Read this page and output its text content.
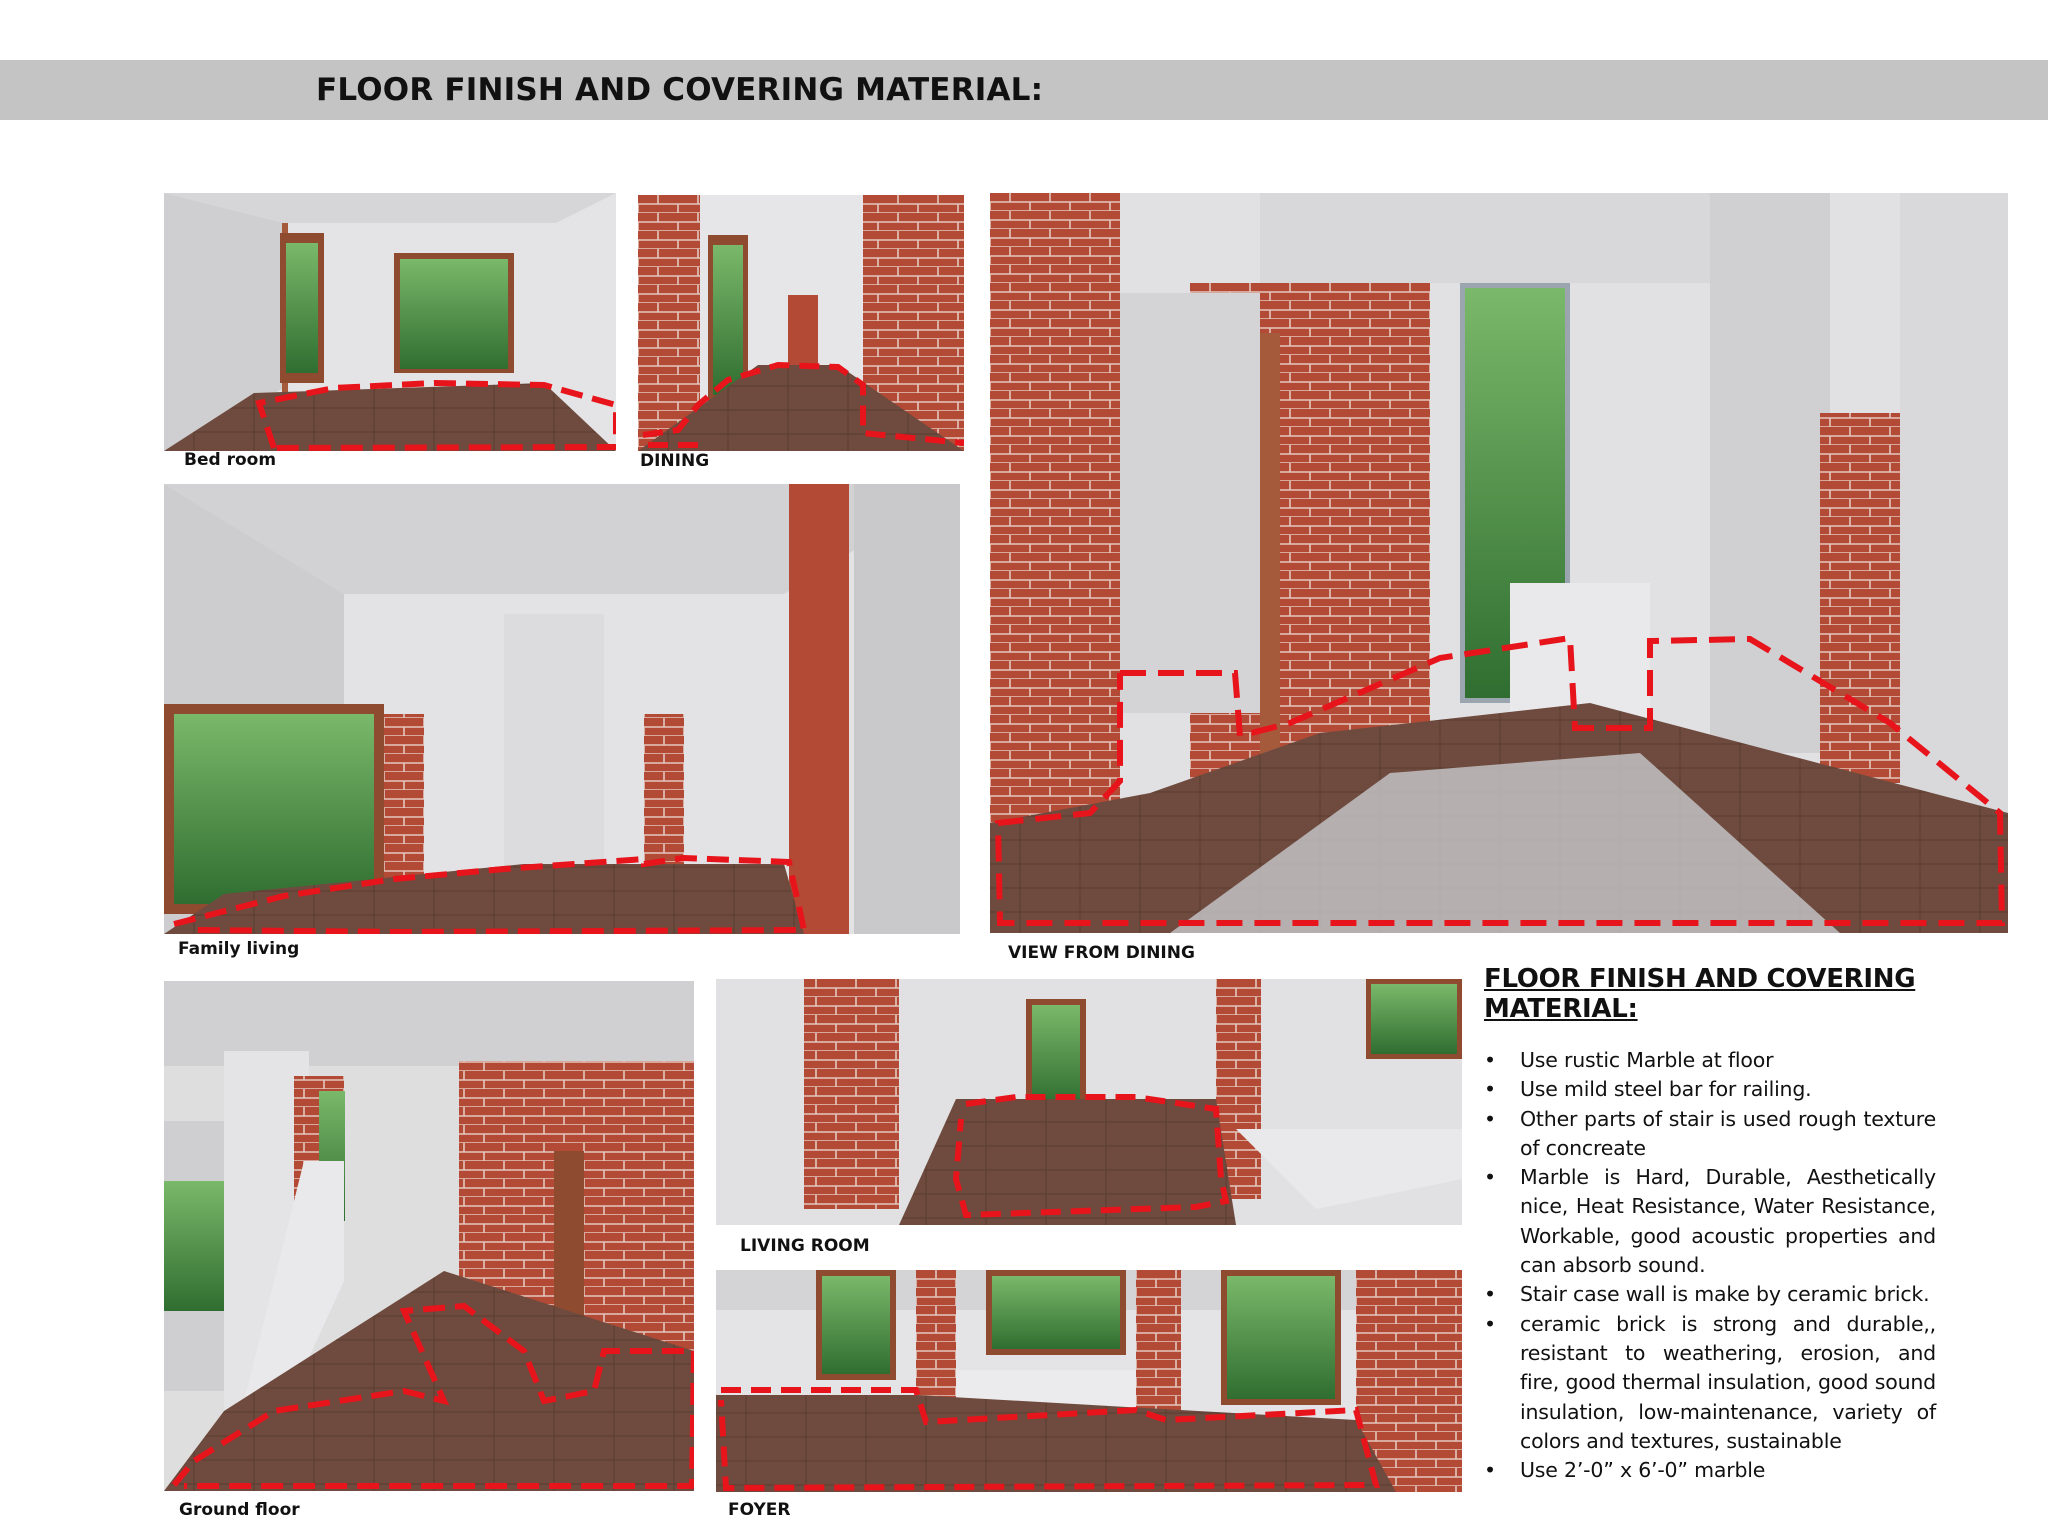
FLOOR FINISH AND COVERING MATERIAL:
Bed room	DINING
Family living	VIEW FROM DINING
Ground floor
LIVING ROOM
FOYER
FLOOR FINISH AND COVERING MATERIAL:
• Use rustic Marble at floor
• Use mild steel bar for railing.
• Other parts of stair is used rough texture of concreate
• Marble is Hard, Durable, Aesthetically nice, Heat Resistance, Water Resistance, Workable, good acoustic properties and can absorb sound.
• Stair case wall is make by ceramic brick.
• ceramic brick is strong and durable,, resistant to weathering, erosion, and fire, good thermal insulation, good sound insulation, low-maintenance, variety of colors and textures, sustainable
• Use 2’-0” x 6’-0” marble
